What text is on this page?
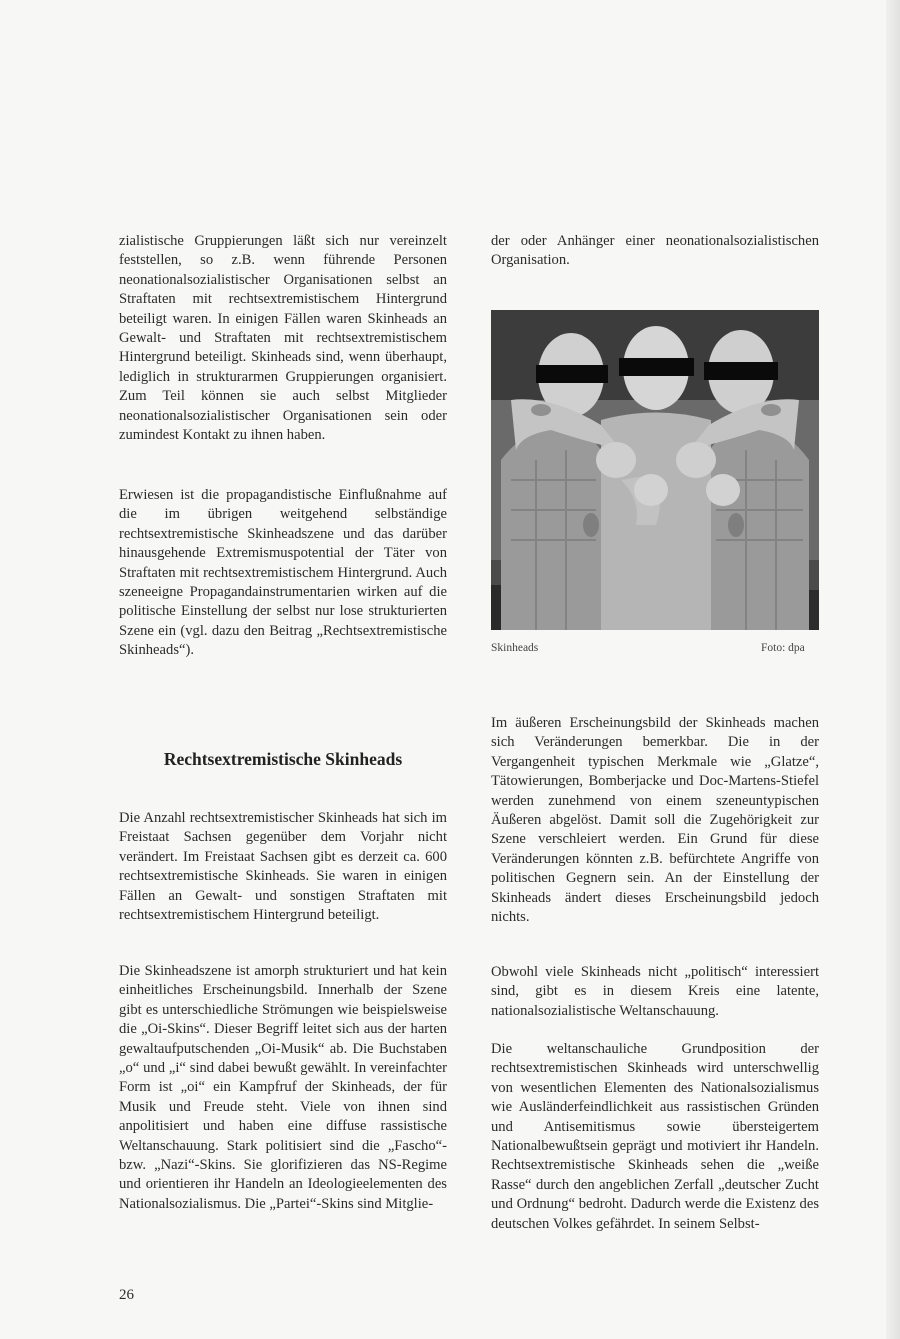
zialistische Gruppierungen läßt sich nur vereinzelt feststellen, so z.B. wenn führende Personen neonationalsozialistischer Organisationen selbst an Straftaten mit rechtsextremistischem Hintergrund beteiligt waren. In einigen Fällen waren Skinheads an Gewalt- und Straftaten mit rechtsextremistischem Hintergrund beteiligt. Skinheads sind, wenn überhaupt, lediglich in strukturarmen Gruppierungen organisiert. Zum Teil können sie auch selbst Mitglieder neonationalsozialistischer Organisationen sein oder zumindest Kontakt zu ihnen haben.

Erwiesen ist die propagandistische Einflußnahme auf die im übrigen weitgehend selbständige rechtsextremistische Skinheadszene und das darüber hinausgehende Extremismuspotential der Täter von Straftaten mit rechtsextremistischem Hintergrund. Auch szeneeigne Propagandainstrumentarien wirken auf die politische Einstellung der selbst nur lose strukturierten Szene ein (vgl. dazu den Beitrag „Rechtsextremistische Skinheads“).

Rechtsextremistische Skinheads

Die Anzahl rechtsextremistischer Skinheads hat sich im Freistaat Sachsen gegenüber dem Vorjahr nicht verändert. Im Freistaat Sachsen gibt es derzeit ca. 600 rechtsextremistische Skinheads. Sie waren in einigen Fällen an Gewalt- und sonstigen Straftaten mit rechtsextremistischem Hintergrund beteiligt.

Die Skinheadszene ist amorph strukturiert und hat kein einheitliches Erscheinungsbild. Innerhalb der Szene gibt es unterschiedliche Strömungen wie beispielsweise die „Oi-Skins“. Dieser Begriff leitet sich aus der harten gewaltaufputschenden „Oi-Musik“ ab. Die Buchstaben „o“ und „i“ sind dabei bewußt gewählt. In vereinfachter Form ist „oi“ ein Kampfruf der Skinheads, der für Musik und Freude steht. Viele von ihnen sind anpolitisiert und haben eine diffuse rassistische Weltanschauung. Stark politisiert sind die „Fascho“- bzw. „Nazi“-Skins. Sie glorifizieren das NS-Regime und orientieren ihr Handeln an Ideologieelementen des Nationalsozialismus. Die „Partei“-Skins sind Mitglie-

der oder Anhänger einer neonationalsozialistischen Organisation.

Skinheads	Foto: dpa

Im äußeren Erscheinungsbild der Skinheads machen sich Veränderungen bemerkbar. Die in der Vergangenheit typischen Merkmale wie „Glatze“, Tätowierungen, Bomberjacke und Doc-Martens-Stiefel werden zunehmend von einem szeneuntypischen Äußeren abgelöst. Damit soll die Zugehörigkeit zur Szene verschleiert werden. Ein Grund für diese Veränderungen könnten z.B. befürchtete Angriffe von politischen Gegnern sein. An der Einstellung der Skinheads ändert dieses Erscheinungsbild jedoch nichts.

Obwohl viele Skinheads nicht „politisch“ interessiert sind, gibt es in diesem Kreis eine latente, nationalsozialistische Weltanschauung.

Die weltanschauliche Grundposition der rechtsextremistischen Skinheads wird unterschwellig von wesentlichen Elementen des Nationalsozialismus wie Ausländerfeindlichkeit aus rassistischen Gründen und Antisemitismus sowie übersteigertem Nationalbewußtsein geprägt und motiviert ihr Handeln. Rechtsextremistische Skinheads sehen die „weiße Rasse“ durch den angeblichen Zerfall „deutscher Zucht und Ordnung“ bedroht. Dadurch werde die Existenz des deutschen Volkes gefährdet. In seinem Selbst-

26
